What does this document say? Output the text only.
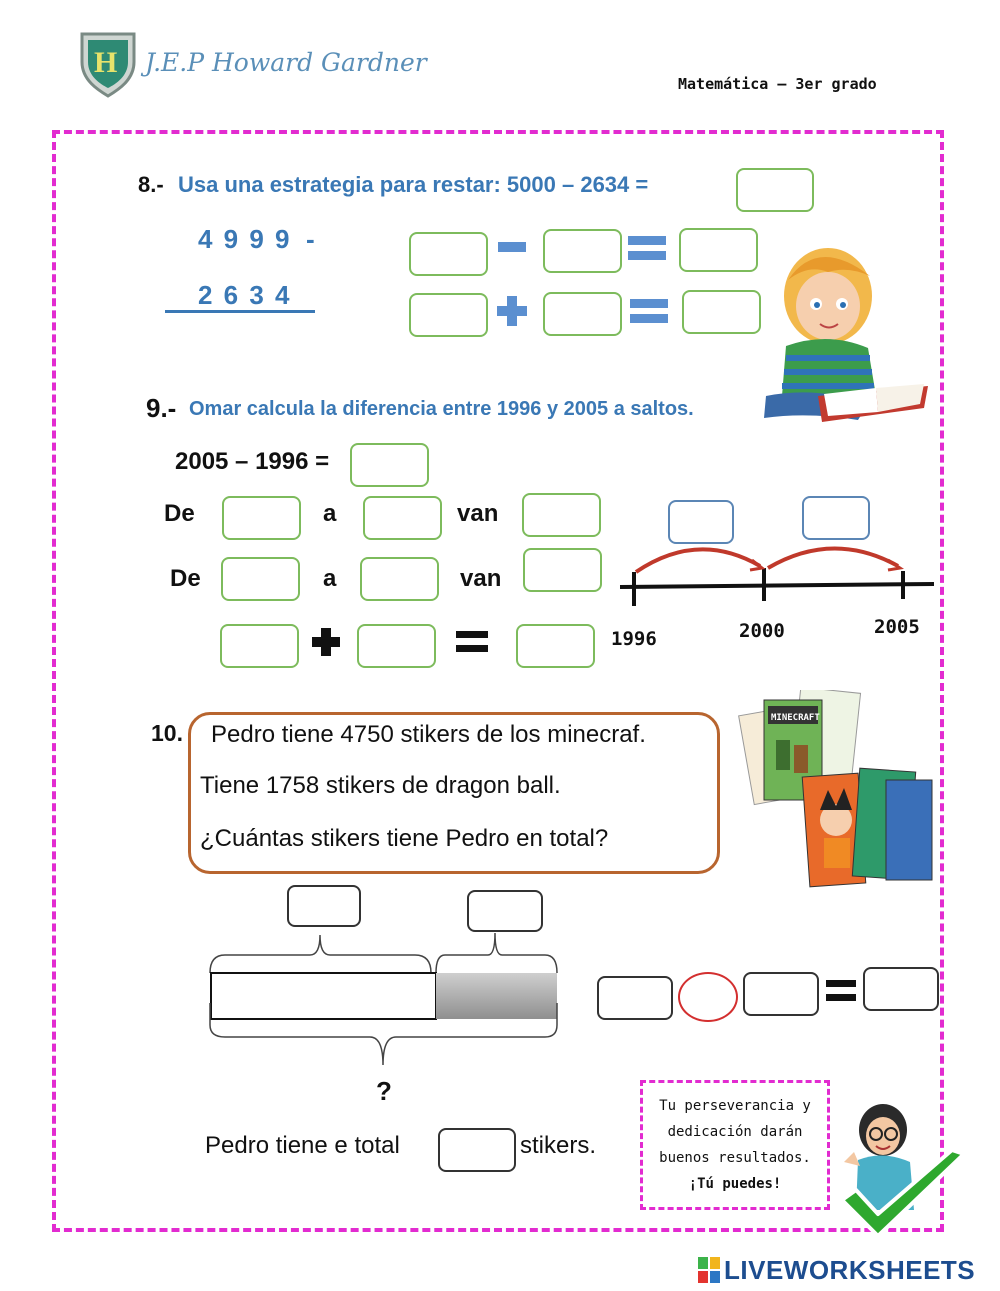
H J.E.P Howard Gardner
Matemática – 3er grado
8.- Usa una estrategia para restar: 5000 – 2634 =
4 9 9 9 -
2 6 3 4
9.- Omar calcula la diferencia entre 1996 y 2005 a saltos.
2005 – 1996 =
De	a	van
De	a	van
1996	2000	2005
10. Pedro tiene 4750 stikers de los minecraf.

Tiene 1758 stikers de dragon ball.

¿Cuántas stikers tiene Pedro en total?

MINECRAFT
?
Pedro tiene e total	stikers.
Tu perseverancia y
dedicación darán
buenos resultados.
¡Tú puedes!
LIVEWORKSHEETS
